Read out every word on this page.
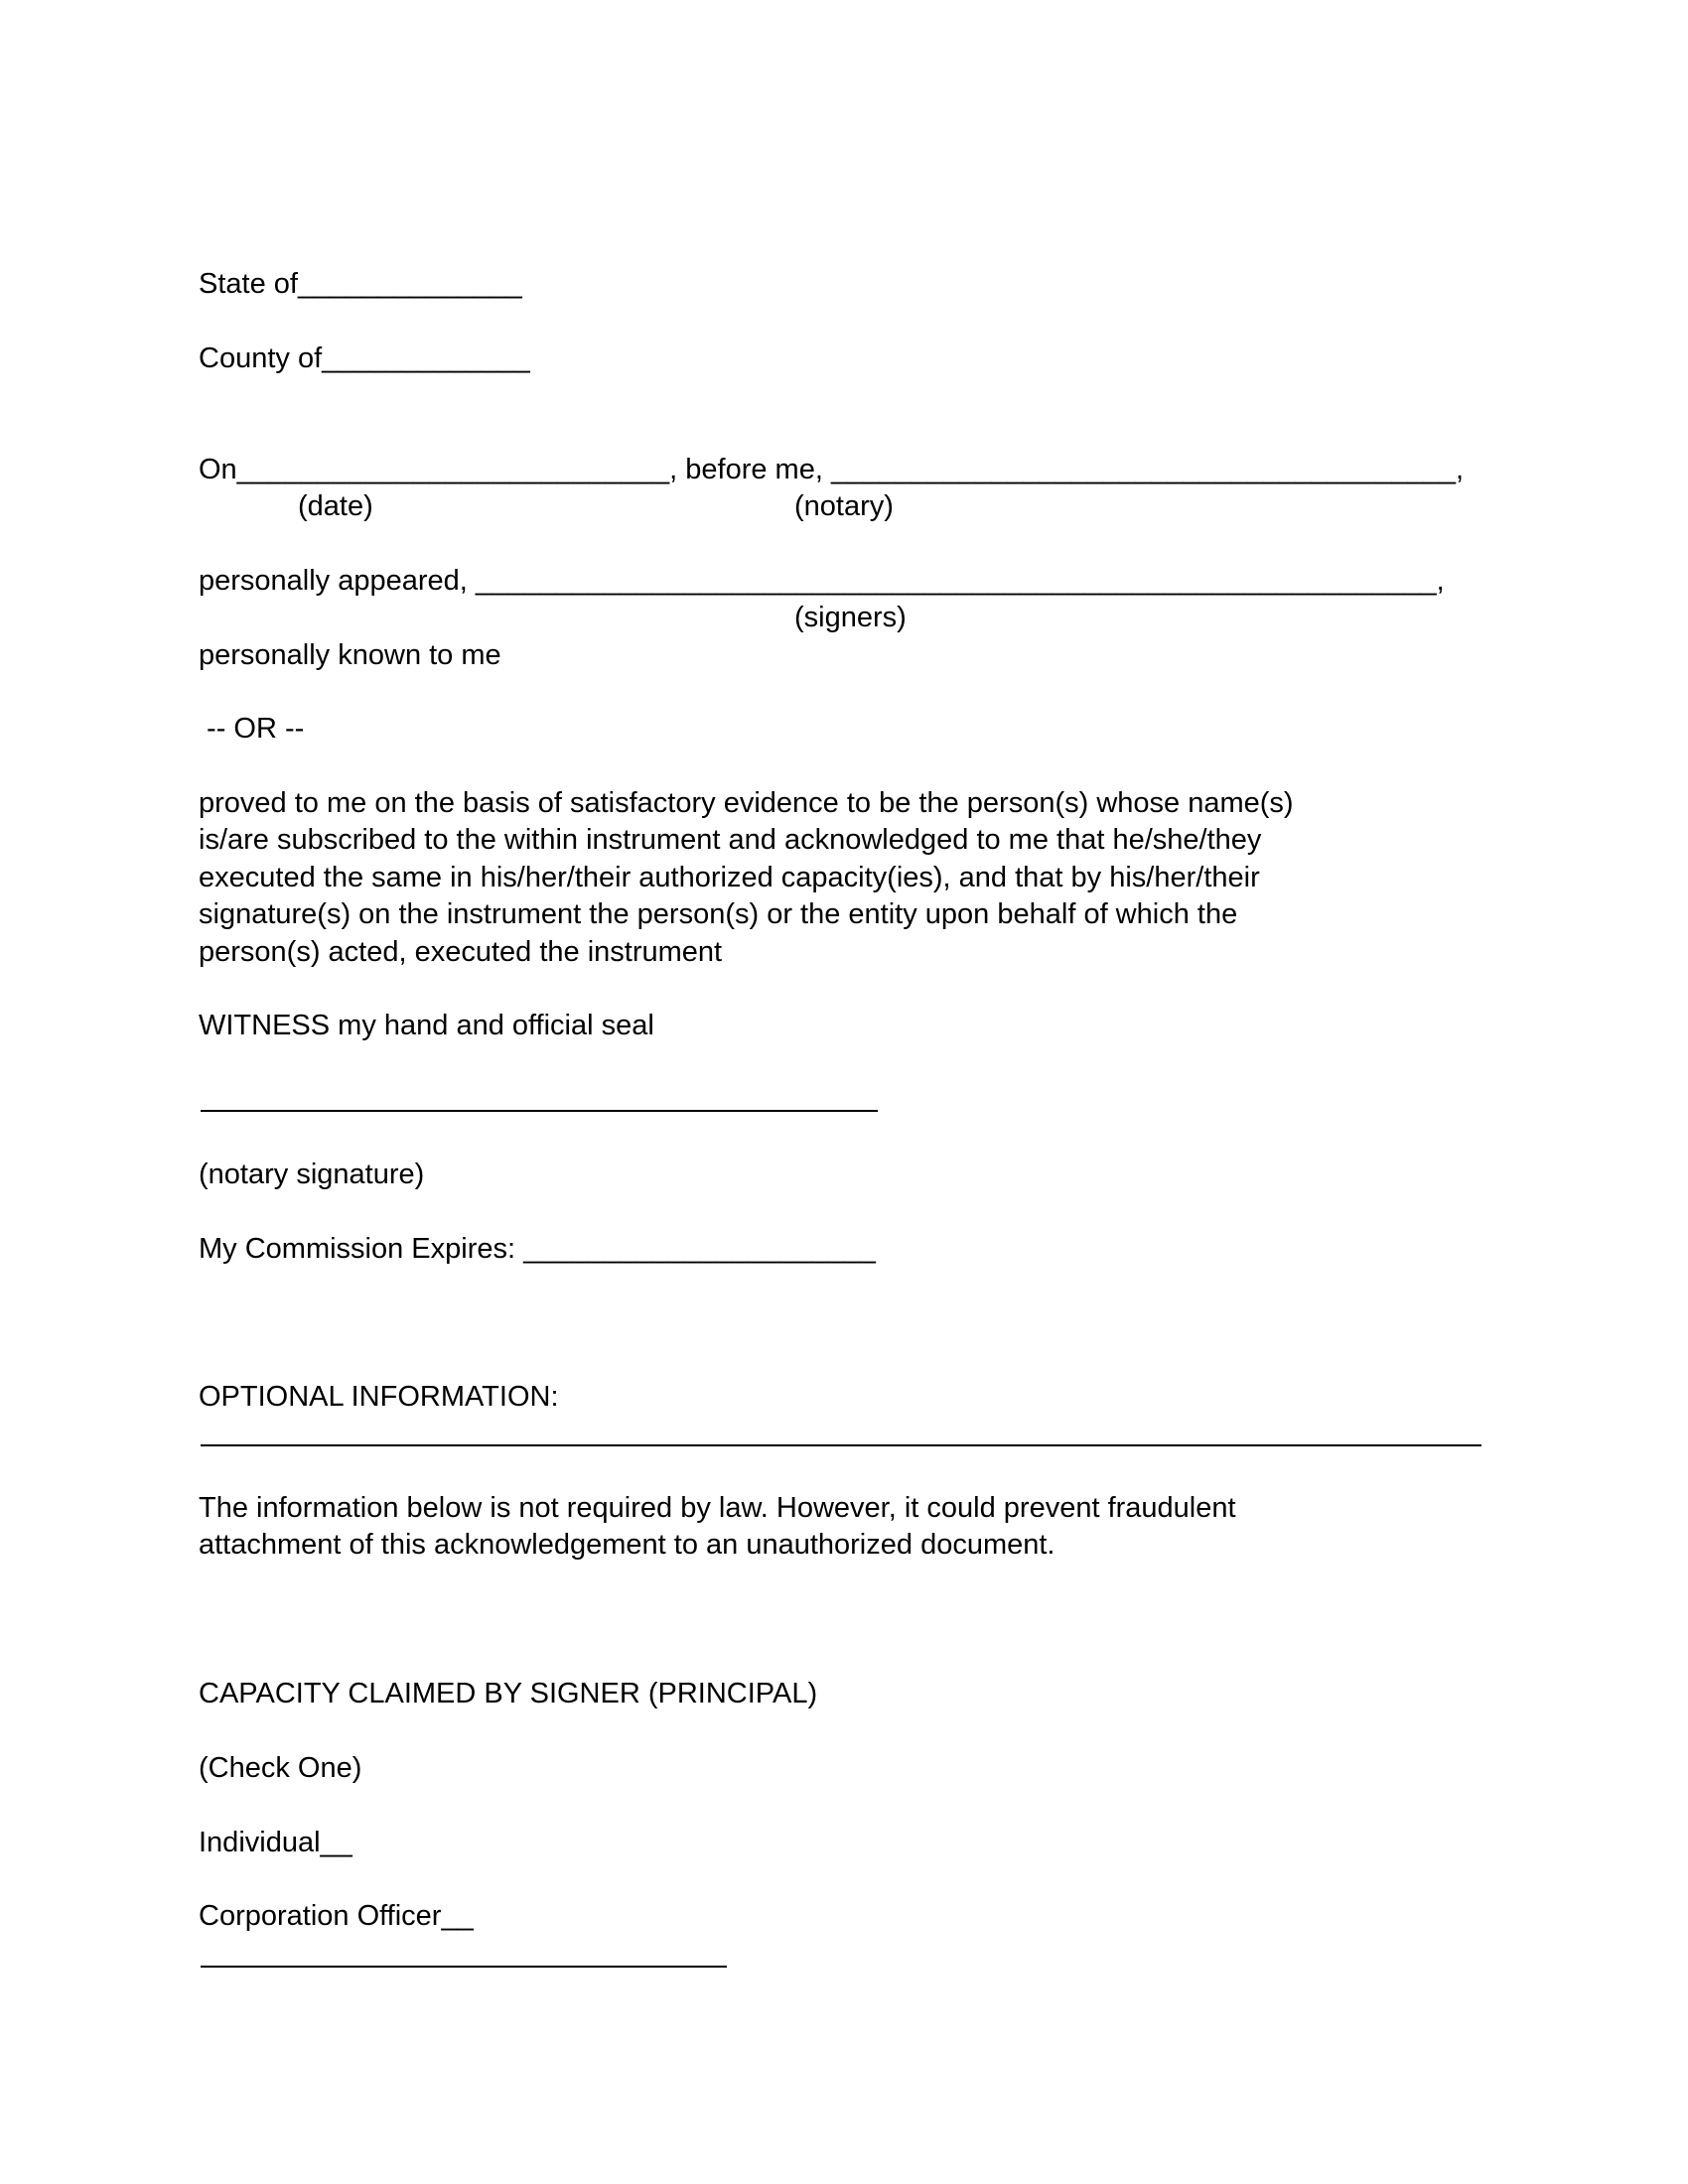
State of______________
County of_____________
On___________________________, before me, _______________________________________,
(date)	(notary)
personally appeared, ____________________________________________________________,
(signers)
personally known to me
-- OR --
proved to me on the basis of satisfactory evidence to be the person(s) whose name(s)
is/are subscribed to the within instrument and acknowledged to me that he/she/they
executed the same in his/her/their authorized capacity(ies), and that by his/her/their
signature(s) on the instrument the person(s) or the entity upon behalf of which the
person(s) acted, executed the instrument
WITNESS my hand and official seal
(notary signature)
My Commission Expires: ______________________
OPTIONAL INFORMATION:
The information below is not required by law. However, it could prevent fraudulent
attachment of this acknowledgement to an unauthorized document.
CAPACITY CLAIMED BY SIGNER (PRINCIPAL)
(Check One)
Individual__
Corporation Officer__
